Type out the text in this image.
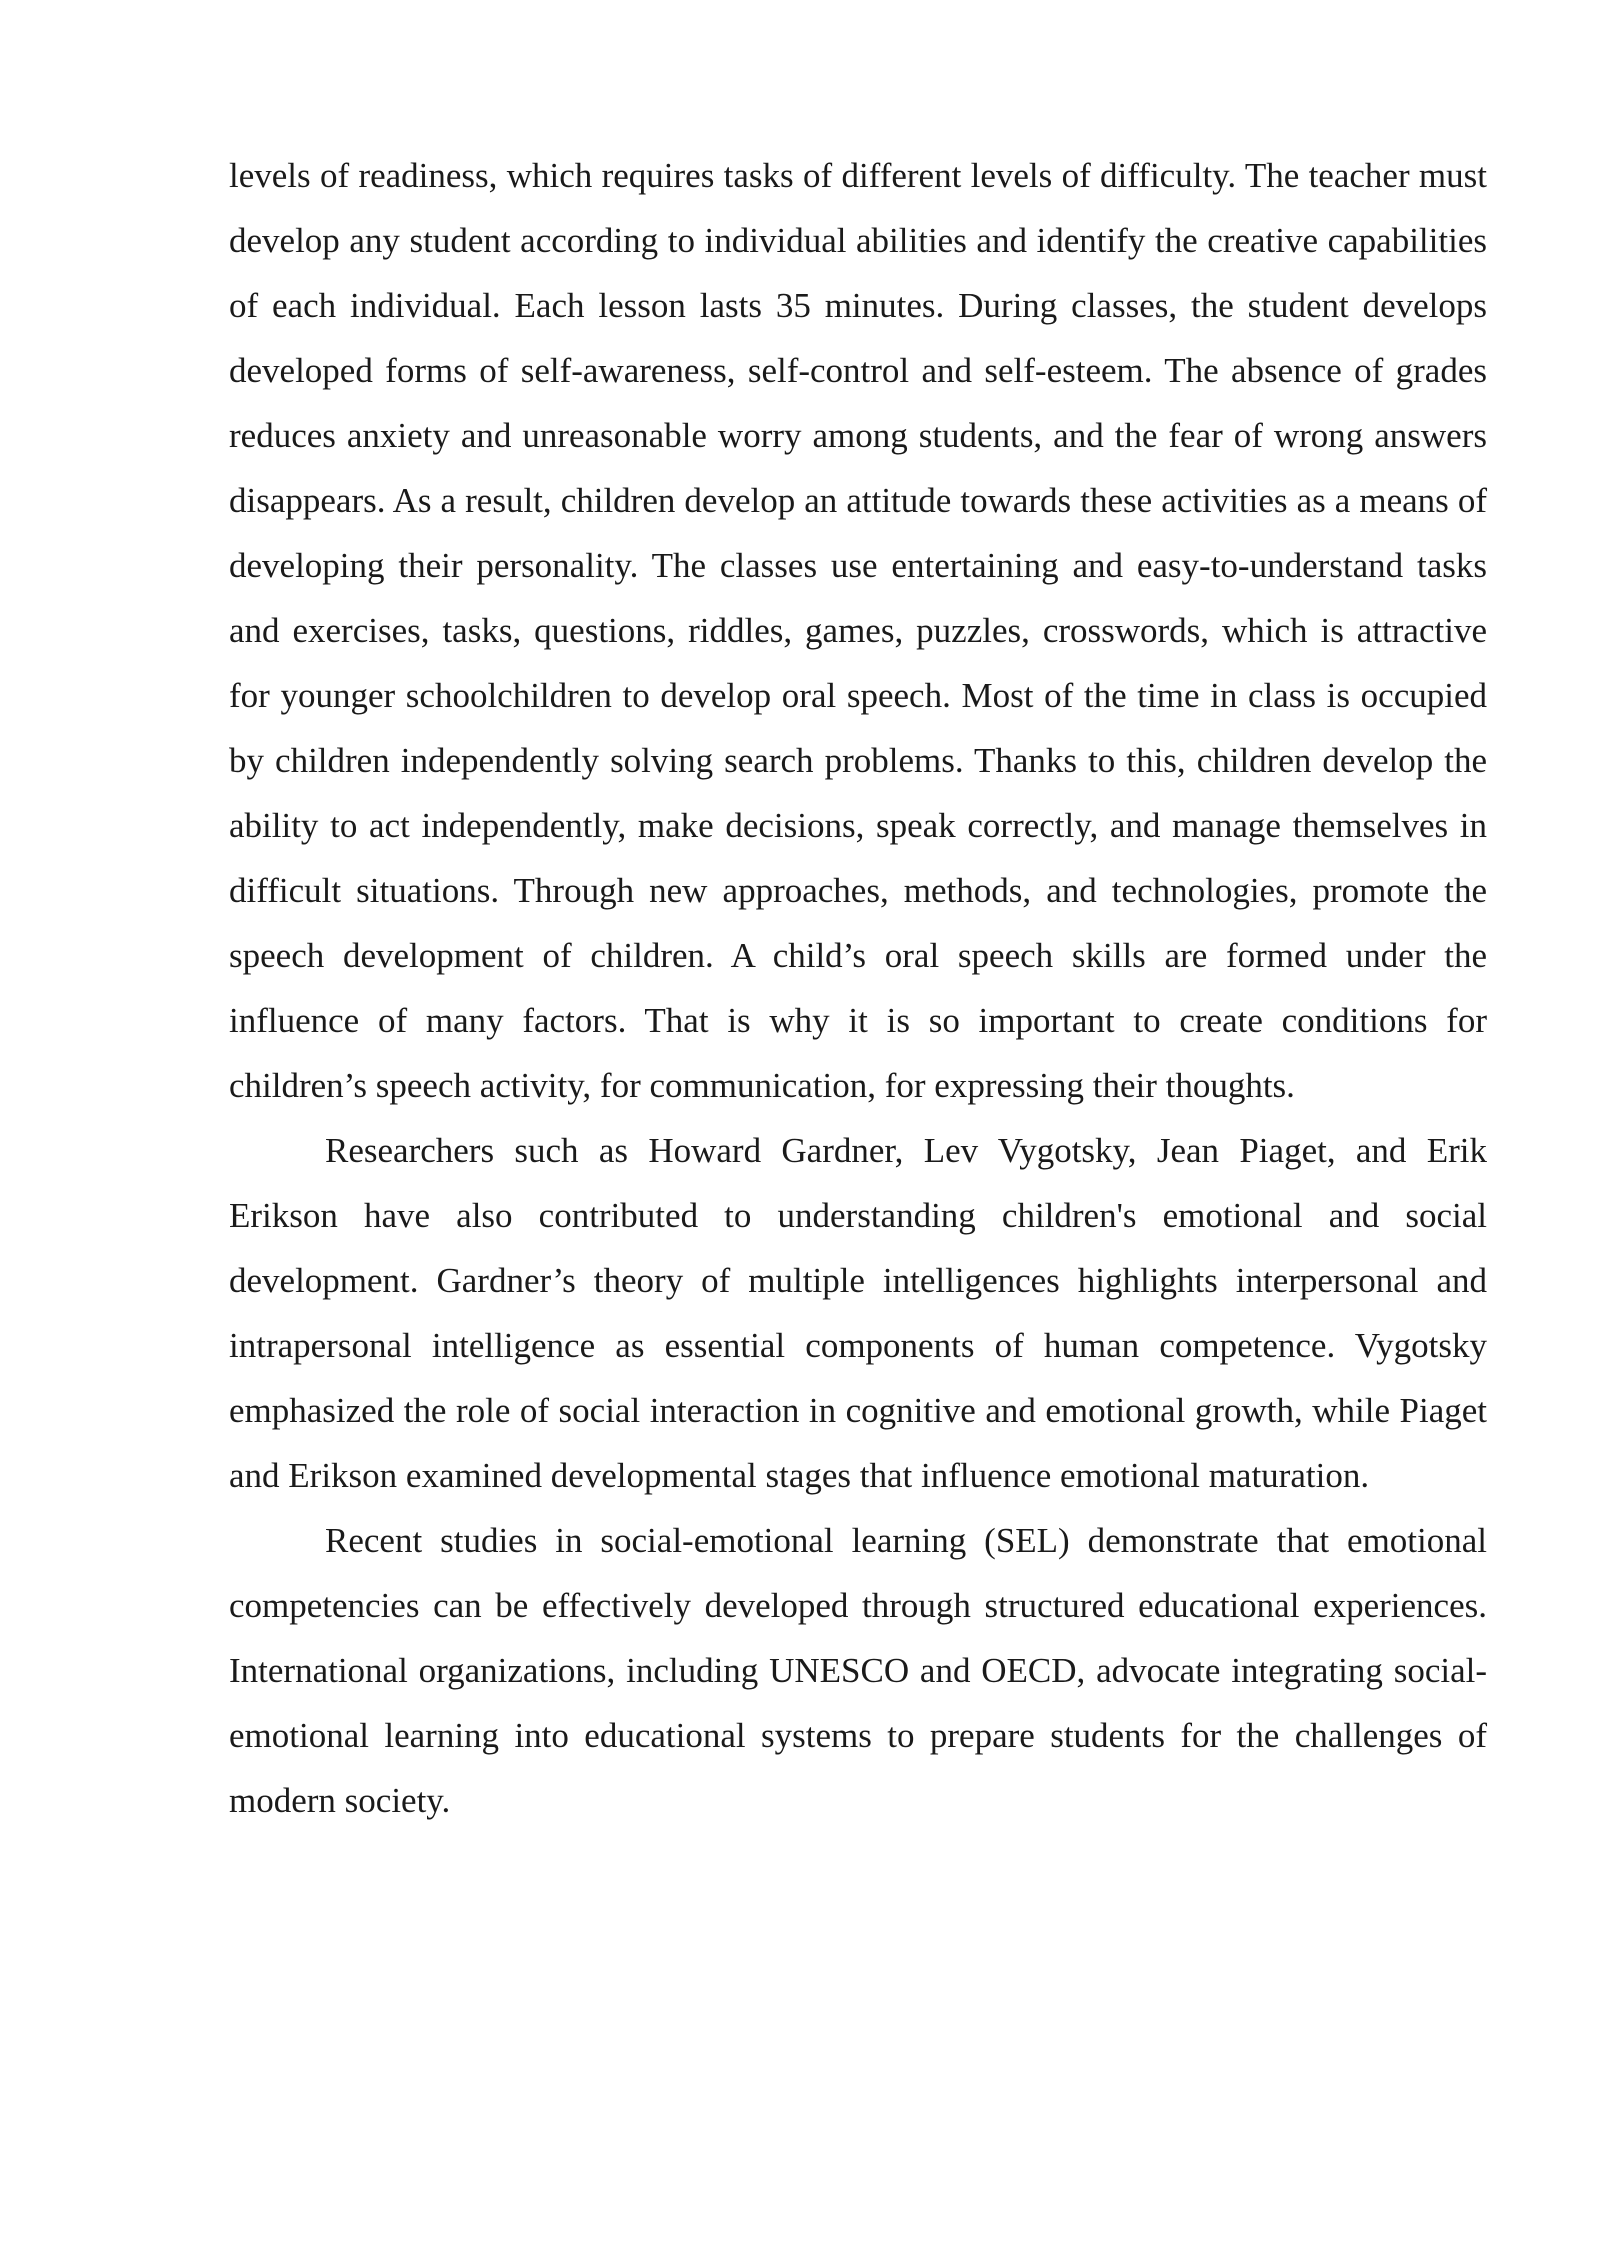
levels of readiness, which requires tasks of different levels of difficulty. The teacher must develop any student according to individual abilities and identify the creative capabilities of each individual. Each lesson lasts 35 minutes. During classes, the student develops developed forms of self-awareness, self-control and self-esteem. The absence of grades reduces anxiety and unreasonable worry among students, and the fear of wrong answers disappears. As a result, children develop an attitude towards these activities as a means of developing their personality. The classes use entertaining and easy-to-understand tasks and exercises, tasks, questions, riddles, games, puzzles, crosswords, which is attractive for younger schoolchildren to develop oral speech. Most of the time in class is occupied by children independently solving search problems. Thanks to this, children develop the ability to act independently, make decisions, speak correctly, and manage themselves in difficult situations. Through new approaches, methods, and technologies, promote the speech development of children. A child’s oral speech skills are formed under the influence of many factors. That is why it is so important to create conditions for children’s speech activity, for communication, for expressing their thoughts.

Researchers such as Howard Gardner, Lev Vygotsky, Jean Piaget, and Erik Erikson have also contributed to understanding children's emotional and social development. Gardner’s theory of multiple intelligences highlights interpersonal and intrapersonal intelligence as essential components of human competence. Vygotsky emphasized the role of social interaction in cognitive and emotional growth, while Piaget and Erikson examined developmental stages that influence emotional maturation.

Recent studies in social-emotional learning (SEL) demonstrate that emotional competencies can be effectively developed through structured educational experiences. International organizations, including UNESCO and OECD, advocate integrating social-emotional learning into educational systems to prepare students for the challenges of modern society.
